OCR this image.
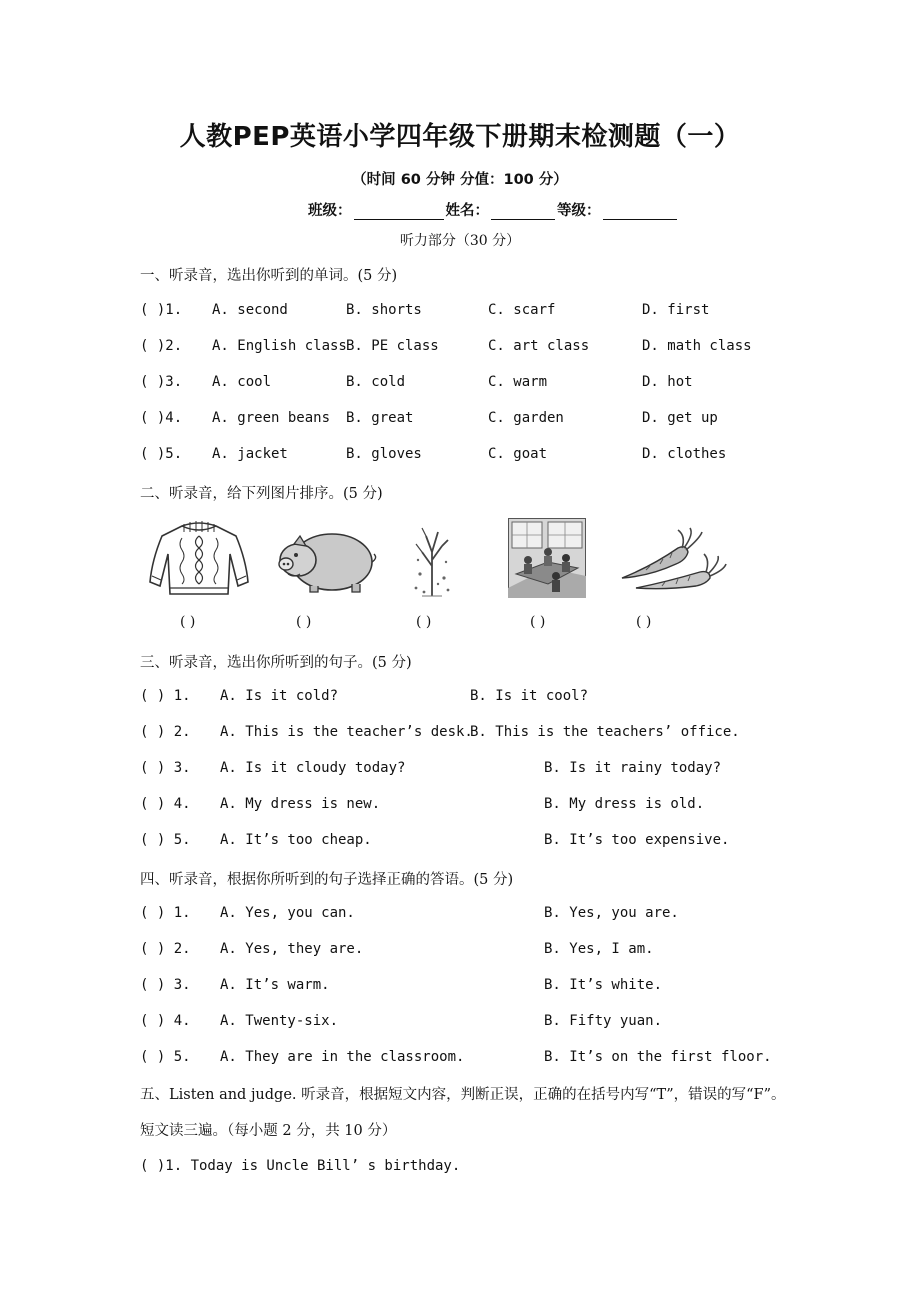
人教PEP英语小学四年级下册期末检测题（一）
（时间 60 分钟 分值：100 分）
班级：	姓名：	等级：
听力部分（30 分）
一、听录音，选出你听到的单词。(5 分)
( )1. A. second	B. shorts	C. scarf	D. first
( )2. A. English class B. PE class	C. art class	D. math class
( )3. A. cool	B. cold	C. warm	D. hot
( )4. A. green beans B. great	C. garden	D. get up
( )5. A. jacket	B. gloves	C. goat	D. clothes
二、听录音，给下列图片排序。(5 分)
( )	( )	( )	( )	( )
三、听录音，选出你所听到的句子。(5 分)
( ) 1. A. Is it cold?	B. Is it cool?
( ) 2. A. This is the teacher’s desk.
B. This is the teachers’ office.
( ) 3. A. Is it cloudy today?	B. Is it rainy today?
( ) 4. A. My dress is new.	B. My dress is old.
( ) 5. A. It’s too cheap.	B. It’s too expensive.
四、听录音，根据你所听到的句子选择正确的答语。(5 分)
( ) 1. A. Yes, you can.	B. Yes, you are.
( ) 2. A. Yes, they are.	B. Yes, I am.
( ) 3. A. It’s warm.	B. It’s white.
( ) 4. A. Twenty-six.	B. Fifty yuan.
( ) 5. A. They are in the classroom.	B. It’s on the first floor.
五、Listen and judge. 听录音，根据短文内容，判断正误，正确的在括号内写“T”，错误的写“F”。短文读三遍。（每小题 2 分，共 10 分）
( )1. Today is Uncle Bill’ s birthday.
